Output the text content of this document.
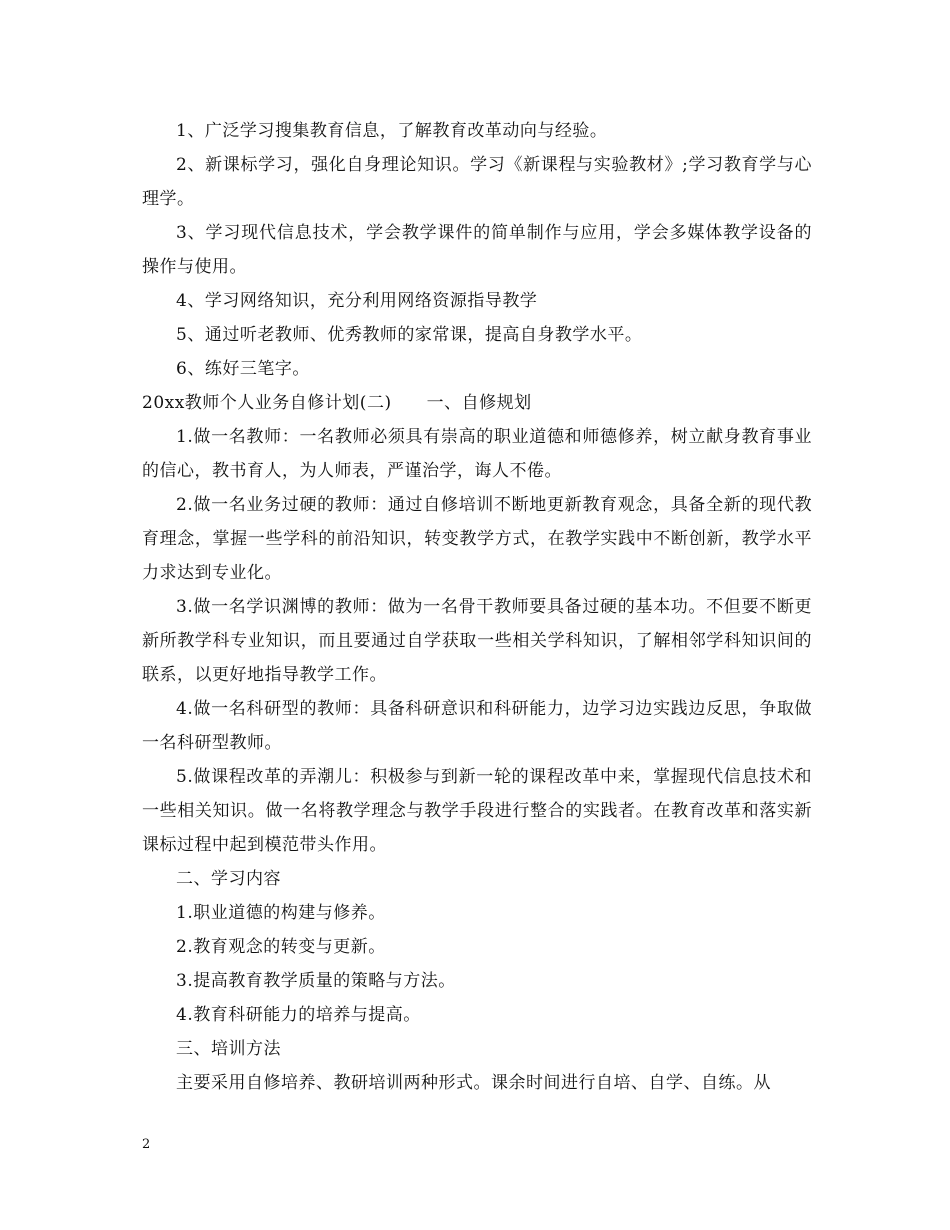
1、广泛学习搜集教育信息，了解教育改革动向与经验。

2、新课标学习，强化自身理论知识。学习《新课程与实验教材》;学习教育学与心理学。

3、学习现代信息技术，学会教学课件的简单制作与应用，学会多媒体教学设备的操作与使用。

4、学习网络知识，充分利用网络资源指导教学

5、通过听老教师、优秀教师的家常课，提高自身教学水平。

6、练好三笔字。

20xx教师个人业务自修计划(二)　　一、自修规划

1.做一名教师：一名教师必须具有崇高的职业道德和师德修养，树立献身教育事业的信心，教书育人，为人师表，严谨治学，诲人不倦。

2.做一名业务过硬的教师：通过自修培训不断地更新教育观念，具备全新的现代教育理念，掌握一些学科的前沿知识，转变教学方式，在教学实践中不断创新，教学水平力求达到专业化。

3.做一名学识渊博的教师：做为一名骨干教师要具备过硬的基本功。不但要不断更新所教学科专业知识，而且要通过自学获取一些相关学科知识，了解相邻学科知识间的联系，以更好地指导教学工作。

4.做一名科研型的教师：具备科研意识和科研能力，边学习边实践边反思，争取做一名科研型教师。

5.做课程改革的弄潮儿：积极参与到新一轮的课程改革中来，掌握现代信息技术和一些相关知识。做一名将教学理念与教学手段进行整合的实践者。在教育改革和落实新课标过程中起到模范带头作用。

二、学习内容

1.职业道德的构建与修养。

2.教育观念的转变与更新。

3.提高教育教学质量的策略与方法。

4.教育科研能力的培养与提高。

三、培训方法

主要采用自修培养、教研培训两种形式。课余时间进行自培、自学、自练。从

2
